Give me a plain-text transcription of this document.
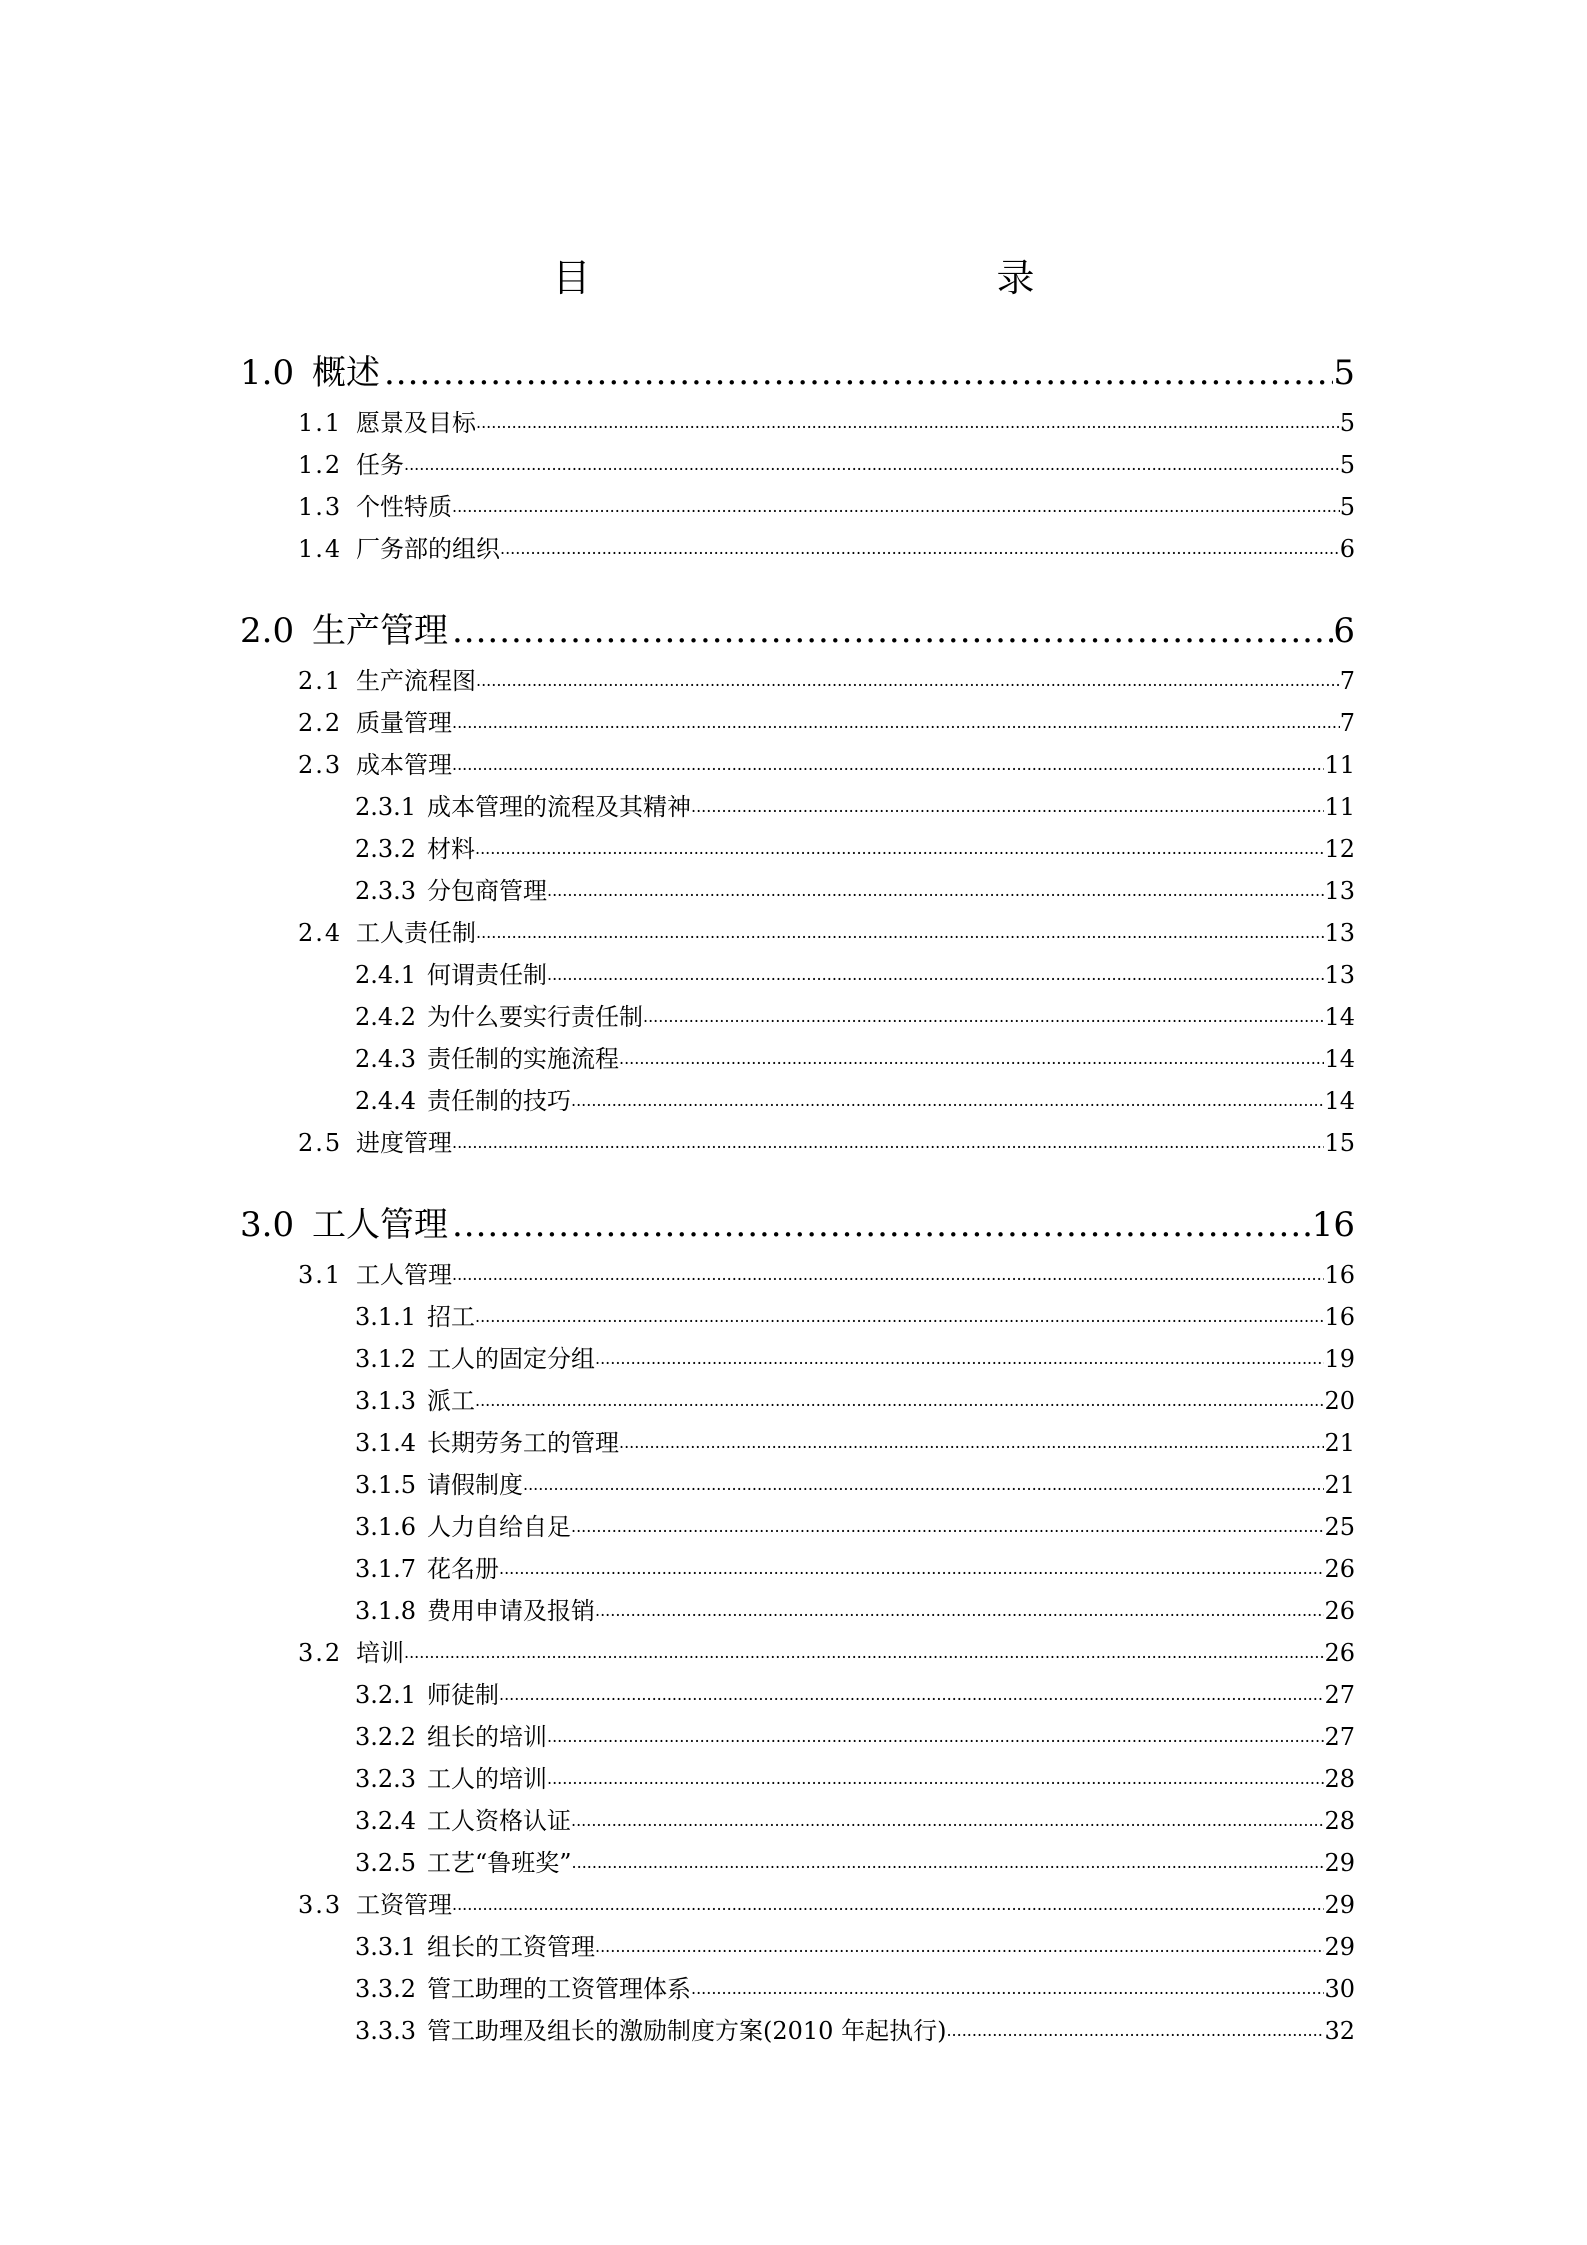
目　　录
1.0 概述 .....	5
1.1 愿景及目标 .....	5
1.2 任务 .....	5
1.3 个性特质 .....	5
1.4 厂务部的组织 .....	6
2.0 生产管理 .....	6
2.1 生产流程图 .....	7
2.2 质量管理 .....	7
2.3 成本管理 .....	11
2.3.1 成本管理的流程及其精神 .....	11
2.3.2 材料 .....	12
2.3.3 分包商管理 .....	13
2.4 工人责任制 .....	13
2.4.1 何谓责任制 .....	13
2.4.2 为什么要实行责任制 .....	14
2.4.3 责任制的实施流程 .....	14
2.4.4 责任制的技巧 .....	14
2.5 进度管理 .....	15
3.0 工人管理 .....	16
3.1 工人管理 .....	16
3.1.1 招工 .....	16
3.1.2 工人的固定分组 .....	19
3.1.3 派工 .....	20
3.1.4 长期劳务工的管理 .....	21
3.1.5 请假制度 .....	21
3.1.6 人力自给自足 .....	25
3.1.7 花名册 .....	26
3.1.8 费用申请及报销 .....	26
3.2 培训 .....	26
3.2.1 师徒制 .....	27
3.2.2 组长的培训 .....	27
3.2.3 工人的培训 .....	28
3.2.4 工人资格认证 .....	28
3.2.5 工艺“鲁班奖” .....	29
3.3 工资管理 .....	29
3.3.1 组长的工资管理 .....	29
3.3.2 管工助理的工资管理体系 .....	30
3.3.3 管工助理及组长的激励制度方案(2010 年起执行) .....	32
